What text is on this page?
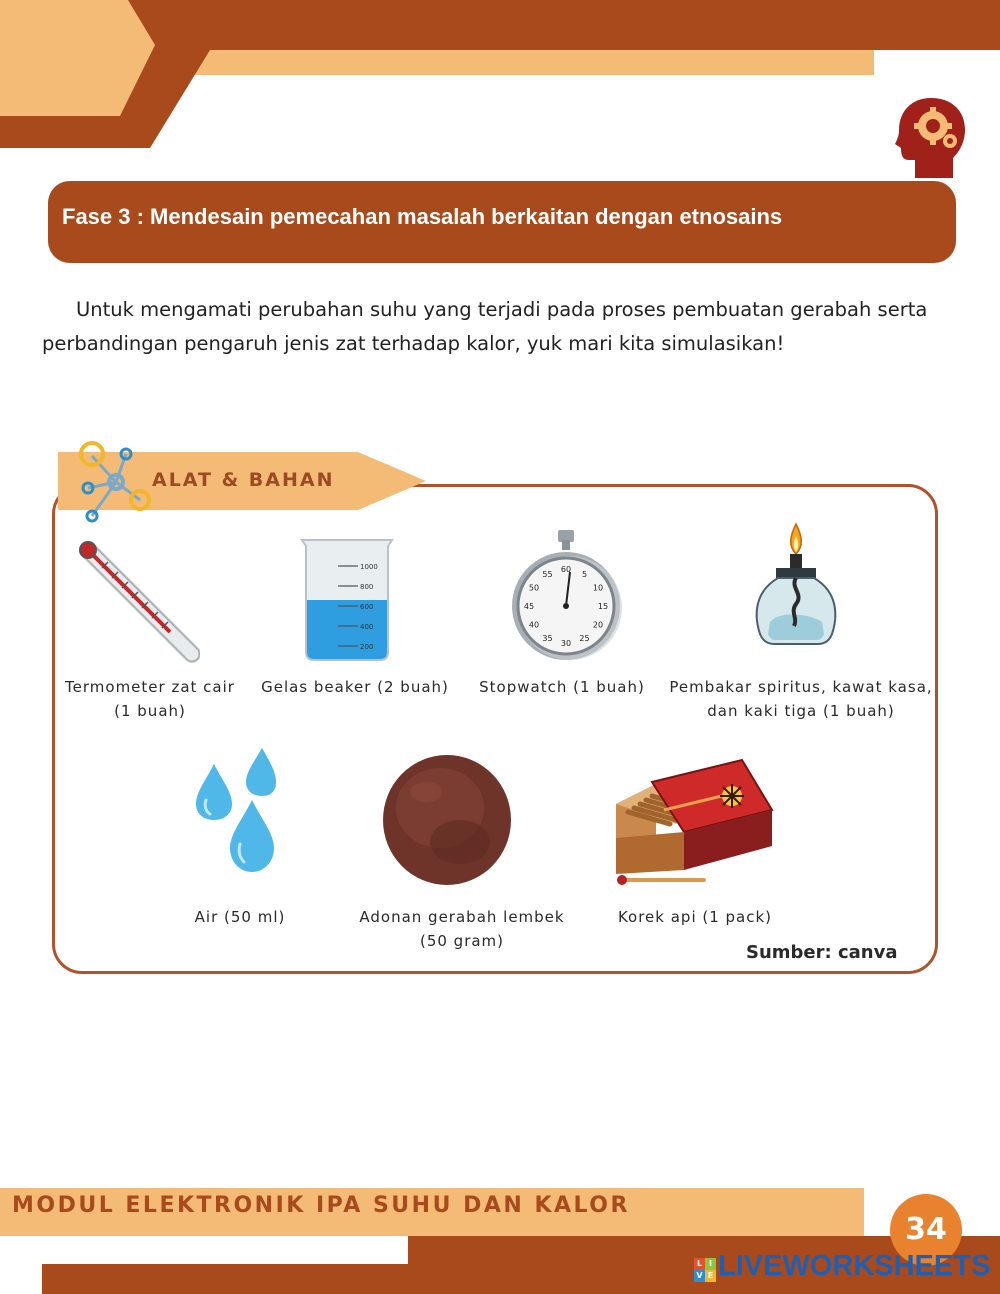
Fase 3 : Mendesain pemecahan masalah berkaitan dengan etnosains
Untuk mengamati perubahan suhu yang terjadi pada proses pembuatan gerabah serta perbandingan pengaruh jenis zat terhadap kalor, yuk mari kita simulasikan!
ALAT & BAHAN
1000
800
600
400
200
60
5
10
15
20
25
30
35
40
45
50
55
Termometer zat cair
(1 buah)
Gelas beaker (2 buah)	Stopwatch (1 buah)	Pembakar spiritus, kawat kasa,
dan kaki tiga (1 buah)
Air (50 ml)	Adonan gerabah lembek
(50 gram)
Korek api (1 pack)
Sumber: canva
MODUL ELEKTRONIK IPA SUHU DAN KALOR
34
L I
V E LIVEWORKSHEETS
